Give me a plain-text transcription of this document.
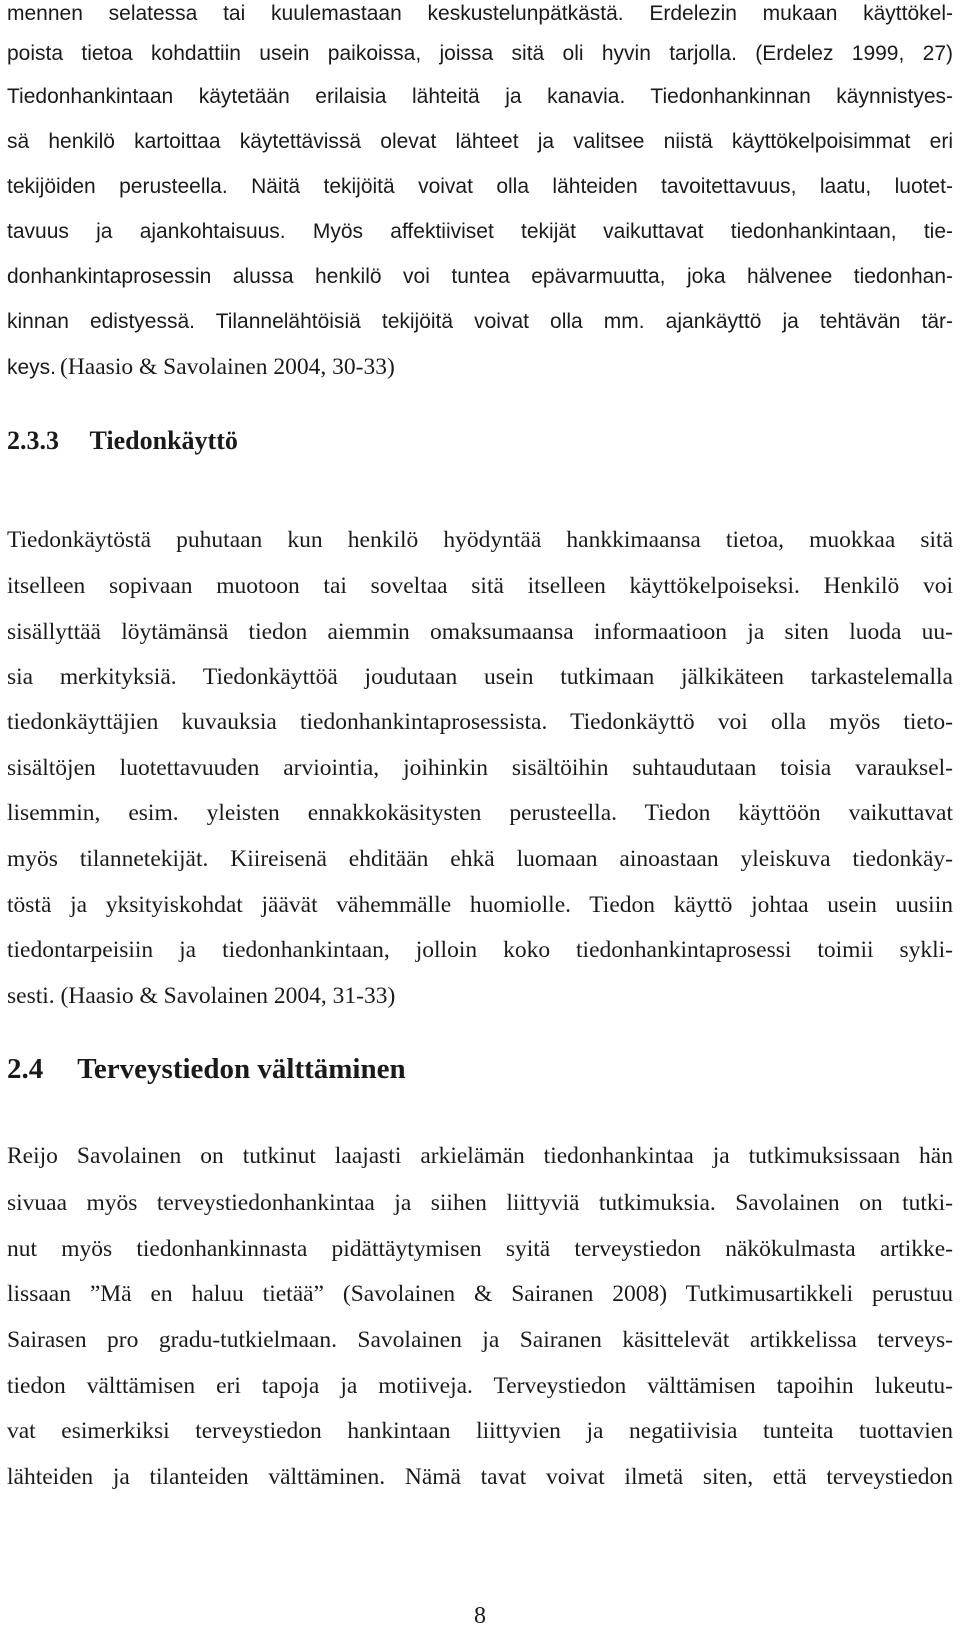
mennen selatessa tai kuulemastaan keskustelunpätkästä. Erdelezin mukaan käyttökel-
poista tietoa kohdattiin usein paikoissa, joissa sitä oli hyvin tarjolla. (Erdelez 1999, 27)
Tiedonhankintaan käytetään erilaisia lähteitä ja kanavia. Tiedonhankinnan käynnistyes-
sä henkilö kartoittaa käytettävissä olevat lähteet ja valitsee niistä käyttökelpoisimmat eri
tekijöiden perusteella. Näitä tekijöitä voivat olla lähteiden tavoitettavuus, laatu, luotet-
tavuus ja ajankohtaisuus. Myös affektiiviset tekijät vaikuttavat tiedonhankintaan, tie-
donhankintaprosessin alussa henkilö voi tuntea epävarmuutta, joka hälvenee tiedonhan-
kinnan edistyessä. Tilannelähtöisiä tekijöitä voivat olla mm. ajankäyttö ja tehtävän tär-
keys. (Haasio & Savolainen 2004, 30-33)
2.3.3 Tiedonkäyttö
Tiedonkäytöstä puhutaan kun henkilö hyödyntää hankkimaansa tietoa, muokkaa sitä
itselleen sopivaan muotoon tai soveltaa sitä itselleen käyttökelpoiseksi. Henkilö voi
sisällyttää löytämänsä tiedon aiemmin omaksumaansa informaatioon ja siten luoda uu-
sia merkityksiä. Tiedonkäyttöä joudutaan usein tutkimaan jälkikäteen tarkastelemalla
tiedonkäyttäjien kuvauksia tiedonhankintaprosessista. Tiedonkäyttö voi olla myös tieto-
sisältöjen luotettavuuden arviointia, joihinkin sisältöihin suhtaudutaan toisia varauksel-
lisemmin, esim. yleisten ennakkokäsitysten perusteella. Tiedon käyttöön vaikuttavat
myös tilannetekijät. Kiireisenä ehditään ehkä luomaan ainoastaan yleiskuva tiedonkäy-
töstä ja yksityiskohdat jäävät vähemmälle huomiolle. Tiedon käyttö johtaa usein uusiin
tiedontarpeisiin ja tiedonhankintaan, jolloin koko tiedonhankintaprosessi toimii sykli-
sesti. (Haasio & Savolainen 2004, 31-33)
2.4 Terveystiedon välttäminen
Reijo Savolainen on tutkinut laajasti arkielämän tiedonhankintaa ja tutkimuksissaan hän
sivuaa myös terveystiedonhankintaa ja siihen liittyviä tutkimuksia. Savolainen on tutki-
nut myös tiedonhankinnasta pidättäytymisen syitä terveystiedon näkökulmasta artikke-
lissaan ”Mä en haluu tietää” (Savolainen & Sairanen 2008) Tutkimusartikkeli perustuu
Sairasen pro gradu-tutkielmaan. Savolainen ja Sairanen käsittelevät artikkelissa terveys-
tiedon välttämisen eri tapoja ja motiiveja. Terveystiedon välttämisen tapoihin lukeutu-
vat esimerkiksi terveystiedon hankintaan liittyvien ja negatiivisia tunteita tuottavien
lähteiden ja tilanteiden välttäminen. Nämä tavat voivat ilmetä siten, että terveystiedon
8
